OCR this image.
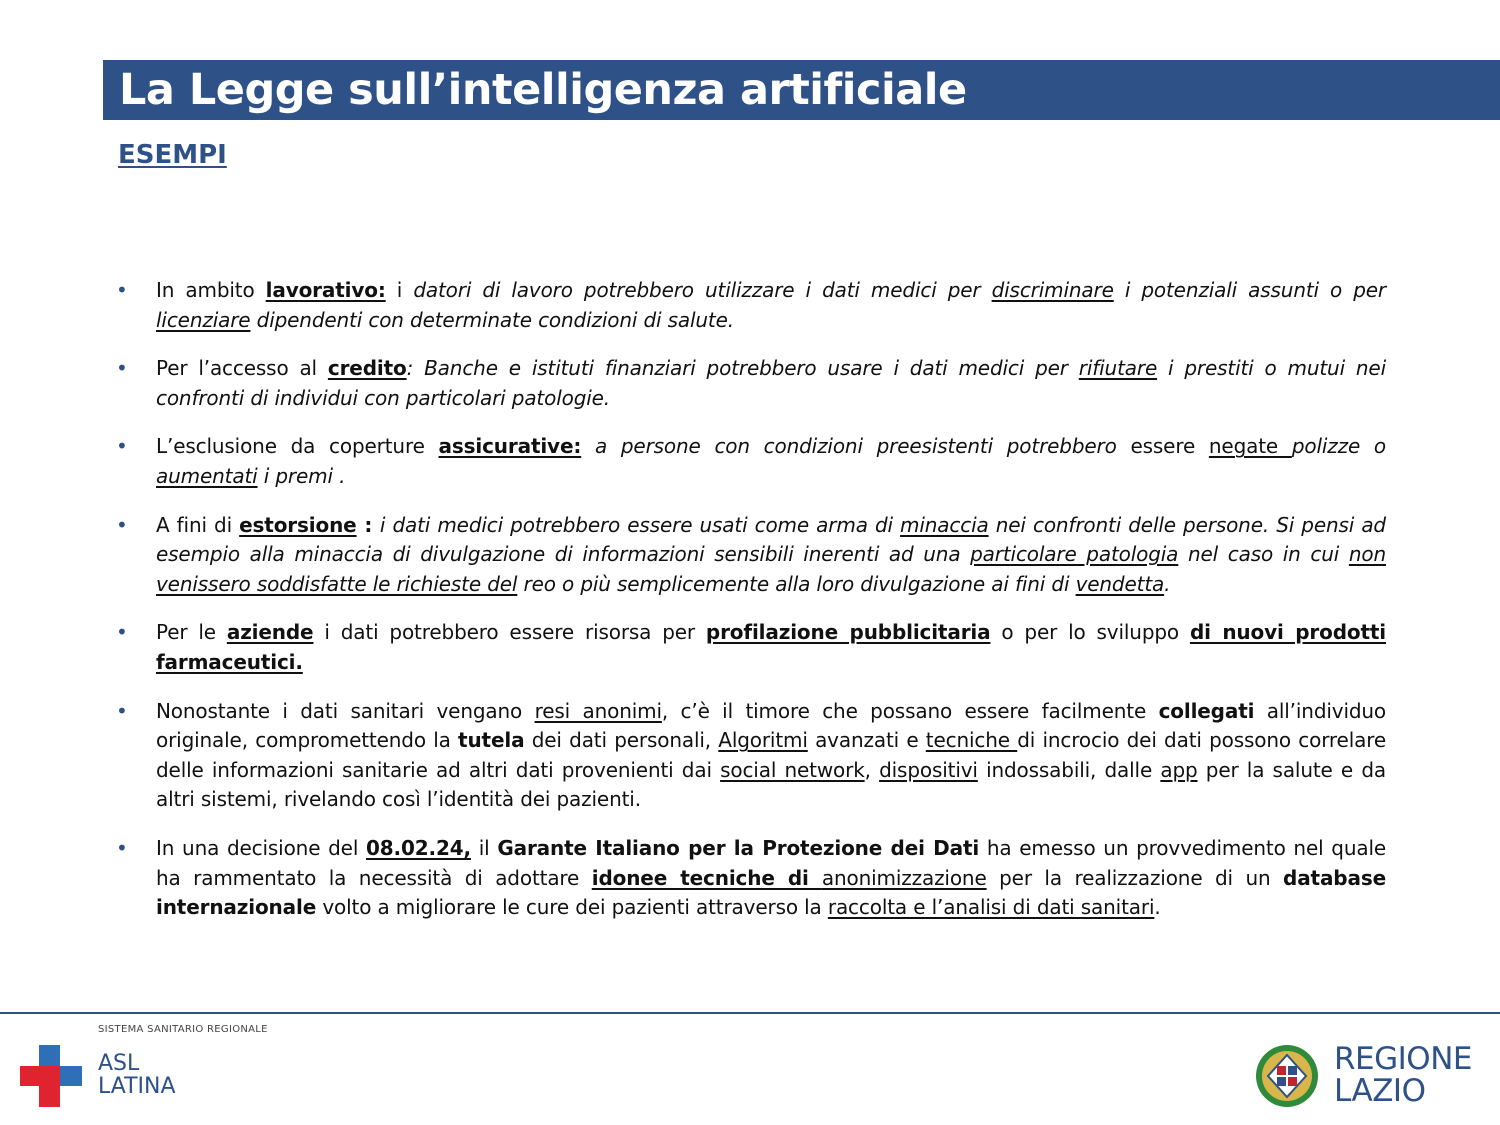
La Legge sull’intelligenza artificiale
ESEMPI
• In ambito lavorativo: i datori di lavoro potrebbero utilizzare i dati medici per discriminare i potenziali assunti o per licenziare dipendenti con determinate condizioni di salute.
• Per l’accesso al credito: Banche e istituti finanziari potrebbero usare i dati medici per rifiutare i prestiti o mutui nei confronti di individui con particolari patologie.
• L’esclusione da coperture assicurative: a persone con condizioni preesistenti potrebbero essere negate polizze o aumentati i premi .
• A fini di estorsione : i dati medici potrebbero essere usati come arma di minaccia nei confronti delle persone. Si pensi ad esempio alla minaccia di divulgazione di informazioni sensibili inerenti ad una particolare patologia nel caso in cui non venissero soddisfatte le richieste del reo o più semplicemente alla loro divulgazione ai fini di vendetta.
• Per le aziende i dati potrebbero essere risorsa per profilazione pubblicitaria o per lo sviluppo di nuovi prodotti farmaceutici.
• Nonostante i dati sanitari vengano resi anonimi, c’è il timore che possano essere facilmente collegati all’individuo originale, compromettendo la tutela dei dati personali, Algoritmi avanzati e tecniche di incrocio dei dati possono correlare delle informazioni sanitarie ad altri dati provenienti dai social network, dispositivi indossabili, dalle app per la salute e da altri sistemi, rivelando così l’identità dei pazienti.
• In una decisione del 08.02.24, il Garante Italiano per la Protezione dei Dati ha emesso un provvedimento nel quale ha rammentato la necessità di adottare idonee tecniche di anonimizzazione per la realizzazione di un database internazionale volto a migliorare le cure dei pazienti attraverso la raccolta e l’analisi di dati sanitari.
SISTEMA SANITARIO REGIONALE
ASL
LATINA
REGIONE
LAZIO
